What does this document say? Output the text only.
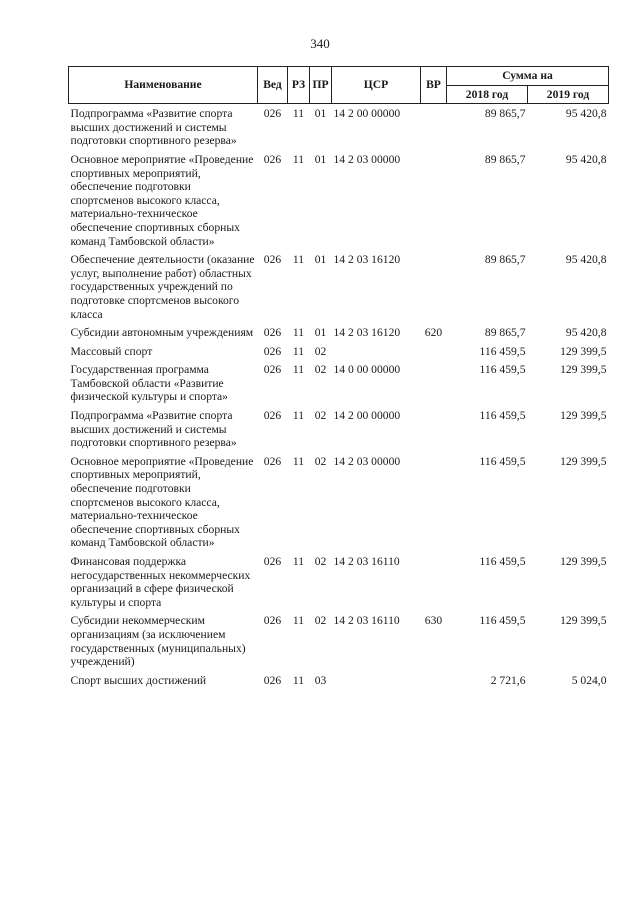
340
Наименование	Вед	РЗ	ПР	ЦСР	ВР	Сумма на	
						2018 год	2019 год
Подпрограмма «Развитие спорта высших достижений и системы подготовки спортивного резерва»	026	11	01	14 2 00 00000		89 865,7	95 420,8
Основное мероприятие «Проведение спортивных мероприятий, обеспечение подготовки спортсменов высокого класса, материально-техническое обеспечение спортивных сборных команд Тамбовской области»	026	11	01	14 2 03 00000		89 865,7	95 420,8
Обеспечение деятельности (оказание услуг, выполнение работ) областных государственных учреждений по подготовке спортсменов высокого класса	026	11	01	14 2 03 16120		89 865,7	95 420,8
Субсидии автономным учреждениям	026	11	01	14 2 03 16120	620	89 865,7	95 420,8
Массовый спорт	026	11	02			116 459,5	129 399,5
Государственная программа Тамбовской области «Развитие физической культуры и спорта»	026	11	02	14 0 00 00000		116 459,5	129 399,5
Подпрограмма «Развитие спорта высших достижений и системы подготовки спортивного резерва»	026	11	02	14 2 00 00000		116 459,5	129 399,5
Основное мероприятие «Проведение спортивных мероприятий, обеспечение подготовки спортсменов высокого класса, материально-техническое обеспечение спортивных сборных команд Тамбовской области»	026	11	02	14 2 03 00000		116 459,5	129 399,5
Финансовая поддержка негосударственных некоммерческих организаций в сфере физической культуры и спорта	026	11	02	14 2 03 16110		116 459,5	129 399,5
Субсидии некоммерческим организациям (за исключением государственных (муниципальных) учреждений)	026	11	02	14 2 03 16110	630	116 459,5	129 399,5
Спорт высших достижений	026	11	03			2 721,6	5 024,0
